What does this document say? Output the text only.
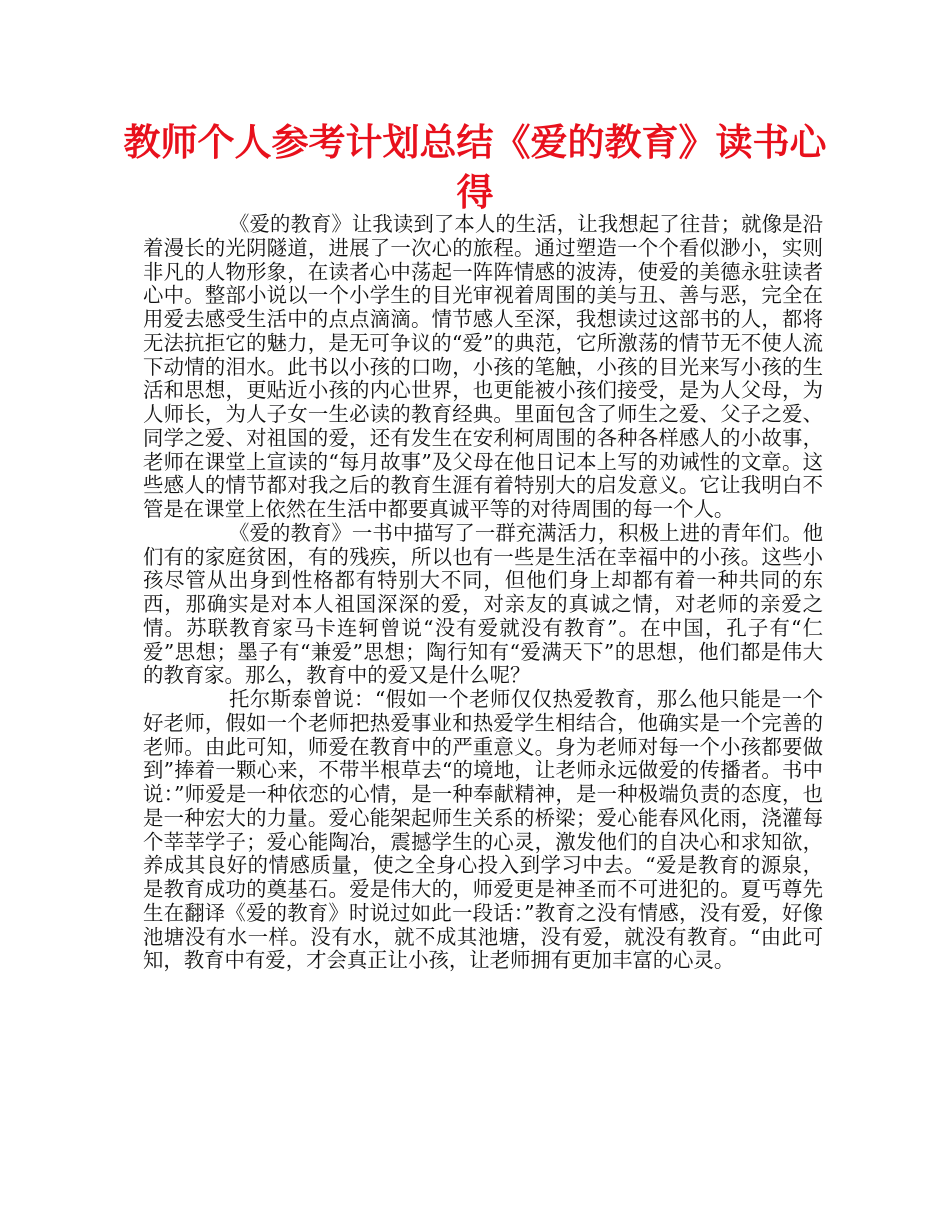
教师个人参考计划总结《爱的教育》读书心得

《爱的教育》让我读到了本人的生活，让我想起了往昔；就像是沿着漫长的光阴隧道，进展了一次心的旅程。通过塑造一个个看似渺小，实则非凡的人物形象，在读者心中荡起一阵阵情感的波涛，使爱的美德永驻读者心中。整部小说以一个小学生的目光审视着周围的美与丑、善与恶，完全在用爱去感受生活中的点点滴滴。情节感人至深，我想读过这部书的人，都将无法抗拒它的魅力，是无可争议的“爱”的典范，它所激荡的情节无不使人流下动情的泪水。此书以小孩的口吻，小孩的笔触，小孩的目光来写小孩的生活和思想，更贴近小孩的内心世界，也更能被小孩们接受，是为人父母，为人师长，为人子女一生必读的教育经典。里面包含了师生之爱、父子之爱、同学之爱、对祖国的爱，还有发生在安利柯周围的各种各样感人的小故事，老师在课堂上宣读的“每月故事”及父母在他日记本上写的劝诫性的文章。这些感人的情节都对我之后的教育生涯有着特别大的启发意义。它让我明白不管是在课堂上依然在生活中都要真诚平等的对待周围的每一个人。

《爱的教育》一书中描写了一群充满活力，积极上进的青年们。他们有的家庭贫困，有的残疾，所以也有一些是生活在幸福中的小孩。这些小孩尽管从出身到性格都有特别大不同，但他们身上却都有着一种共同的东西，那确实是对本人祖国深深的爱，对亲友的真诚之情，对老师的亲爱之情。苏联教育家马卡连轲曾说“没有爱就没有教育”。在中国，孔子有“仁爱”思想；墨子有“兼爱”思想；陶行知有“爱满天下”的思想，他们都是伟大的教育家。那么，教育中的爱又是什么呢？

托尔斯泰曾说：“假如一个老师仅仅热爱教育，那么他只能是一个好老师，假如一个老师把热爱事业和热爱学生相结合，他确实是一个完善的老师。由此可知，师爱在教育中的严重意义。身为老师对每一个小孩都要做到”捧着一颗心来，不带半根草去“的境地，让老师永远做爱的传播者。书中说：”师爱是一种依恋的心情，是一种奉献精神，是一种极端负责的态度，也是一种宏大的力量。爱心能架起师生关系的桥梁；爱心能春风化雨，浇灌每个莘莘学子；爱心能陶冶，震撼学生的心灵，激发他们的自决心和求知欲，养成其良好的情感质量，使之全身心投入到学习中去。“爱是教育的源泉，是教育成功的奠基石。爱是伟大的，师爱更是神圣而不可进犯的。夏丐尊先生在翻译《爱的教育》时说过如此一段话：”教育之没有情感，没有爱，好像池塘没有水一样。没有水，就不成其池塘，没有爱，就没有教育。“由此可知，教育中有爱，才会真正让小孩，让老师拥有更加丰富的心灵。
